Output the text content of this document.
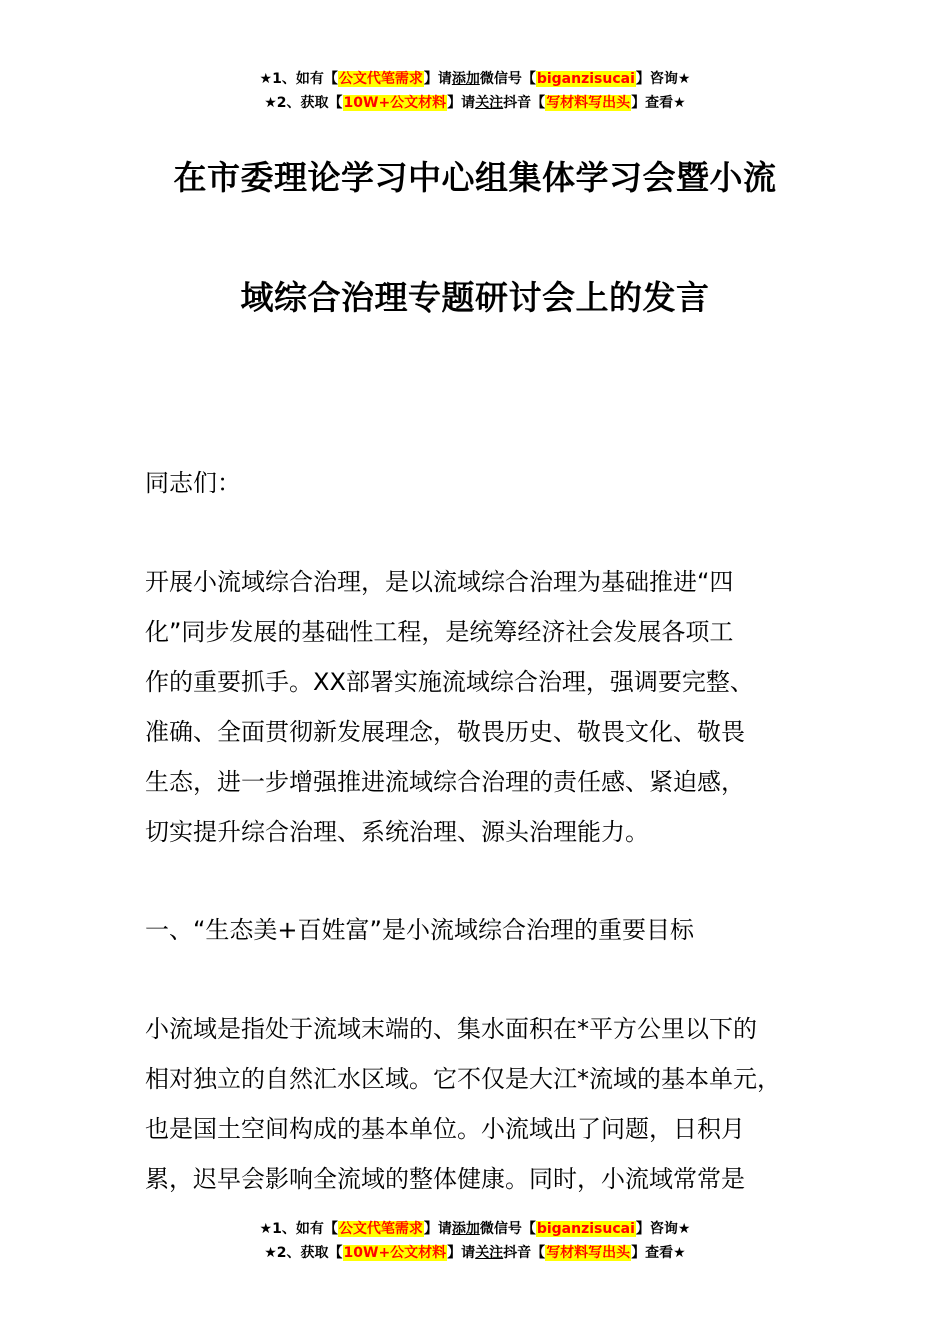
★1、如有【公文代笔需求】请添加微信号【biganzisucai】咨询★
★2、获取【10W+公文材料】请关注抖音【写材料写出头】查看★
在市委理论学习中心组集体学习会暨小流
域综合治理专题研讨会上的发言

同志们：

开展小流域综合治理，是以流域综合治理为基础推进“四
化”同步发展的基础性工程，是统筹经济社会发展各项工
作的重要抓手。XX部署实施流域综合治理，强调要完整、
准确、全面贯彻新发展理念，敬畏历史、敬畏文化、敬畏
生态，进一步增强推进流域综合治理的责任感、紧迫感，
切实提升综合治理、系统治理、源头治理能力。

一、“生态美+百姓富”是小流域综合治理的重要目标

小流域是指处于流域末端的、集水面积在*平方公里以下的
相对独立的自然汇水区域。它不仅是大江*流域的基本单元，
也是国土空间构成的基本单位。小流域出了问题，日积月
累，迟早会影响全流域的整体健康。同时，小流域常常是

★1、如有【公文代笔需求】请添加微信号【biganzisucai】咨询★
★2、获取【10W+公文材料】请关注抖音【写材料写出头】查看★
